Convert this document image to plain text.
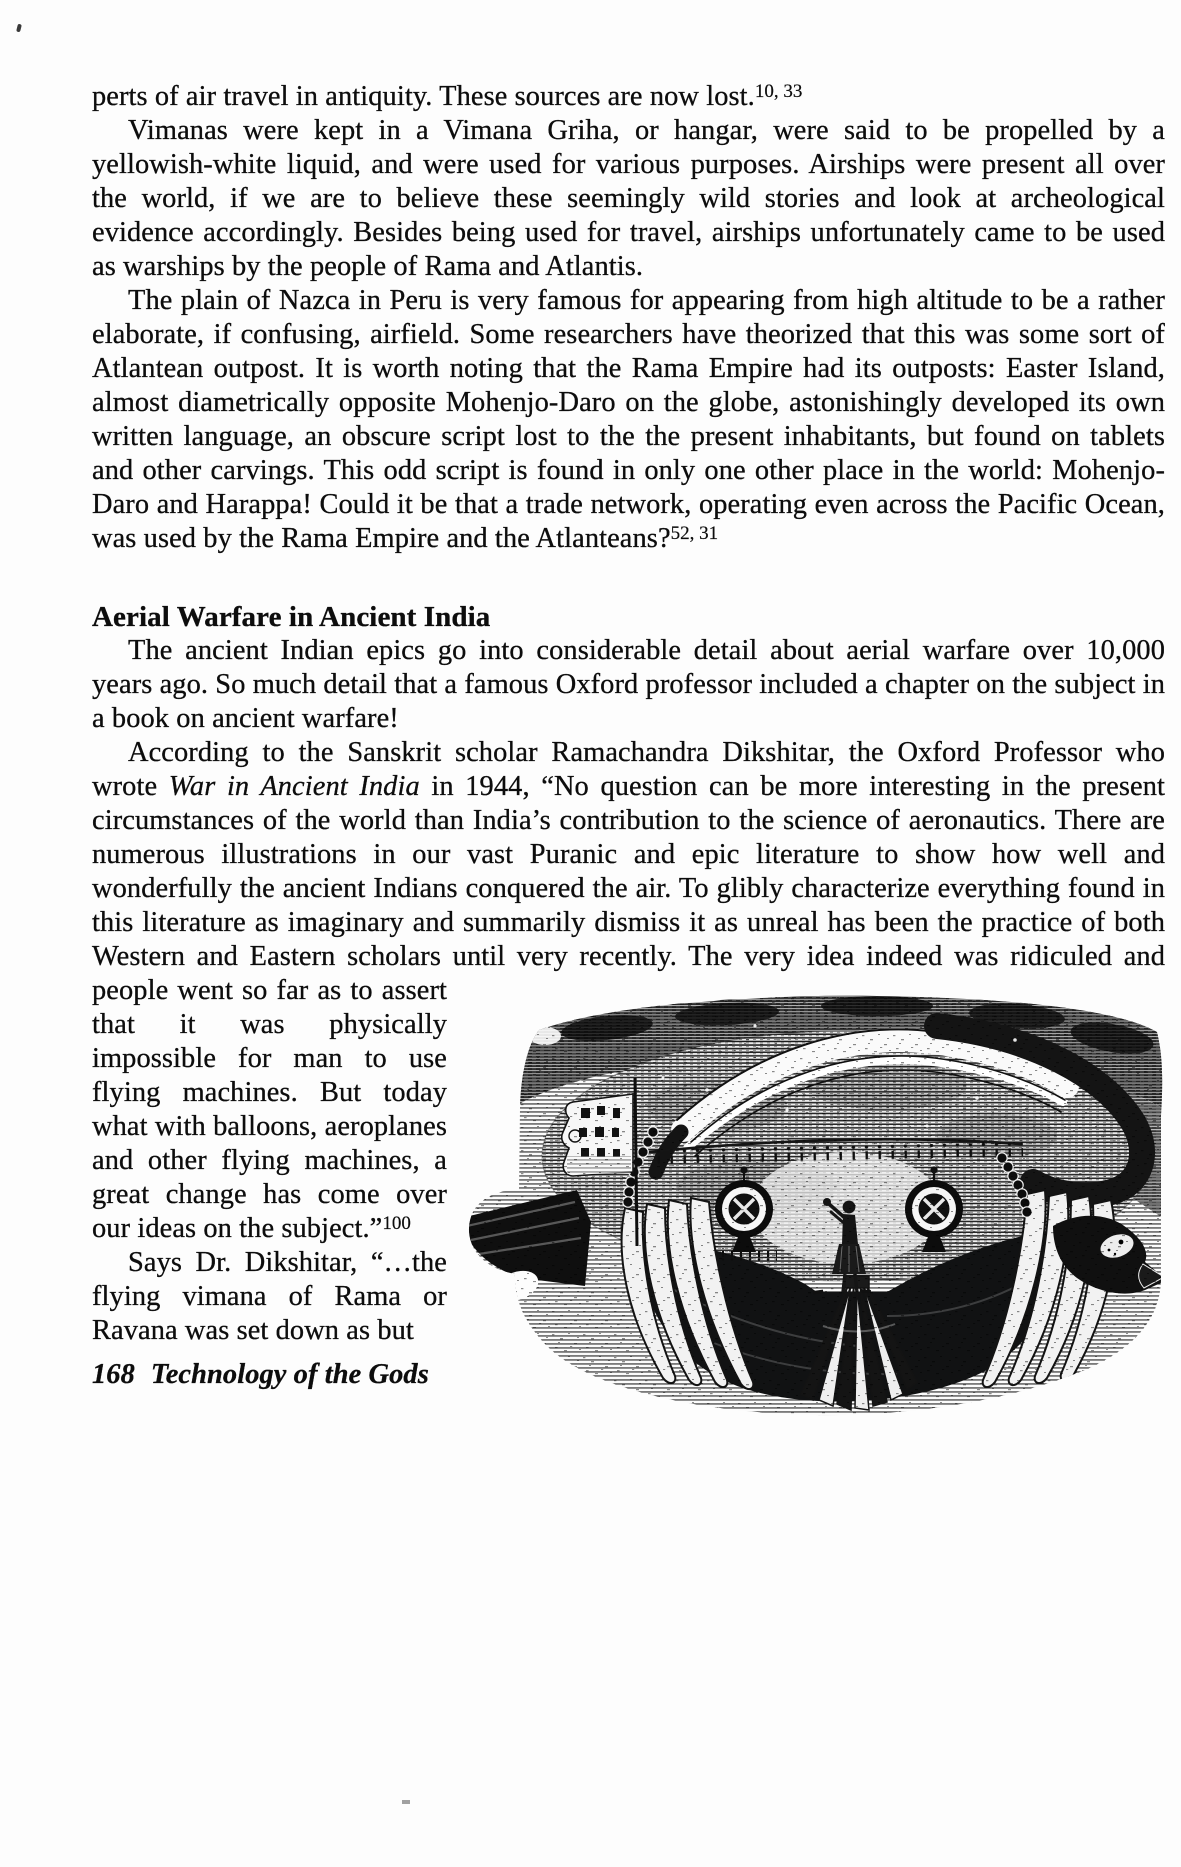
perts of air travel in antiquity. These sources are now lost.$^{10, 33}$

Vimanas were kept in a Vimana Griha, or hangar, were said to be propelled by a yellowish-white liquid, and were used for various purposes. Airships were present all over the world, if we are to believe these seemingly wild stories and look at archeological evidence accordingly. Besides being used for travel, airships unfortunately came to be used as warships by the people of Rama and Atlantis.

The plain of Nazca in Peru is very famous for appearing from high altitude to be a rather elaborate, if confusing, airfield. Some researchers have theorized that this was some sort of Atlantean outpost. It is worth noting that the Rama Empire had its outposts: Easter Island, almost diametrically opposite Mohenjo-Daro on the globe, astonishingly developed its own written language, an obscure script lost to the the present inhabitants, but found on tablets and other carvings. This odd script is found in only one other place in the world: Mohenjo-Daro and Harappa! Could it be that a trade network, operating even across the Pacific Ocean, was used by the Rama Empire and the Atlanteans?$^{52, 31}$

Aerial Warfare in Ancient India

The ancient Indian epics go into considerable detail about aerial warfare over 10,000 years ago. So much detail that a famous Oxford professor included a chapter on the subject in a book on ancient warfare!

According to the Sanskrit scholar Ramachandra Dikshitar, the Oxford Professor who wrote War in Ancient India in 1944, “No question can be more interesting in the present circumstances of the world than India’s contribution to the science of aeronautics. There are numerous illustrations in our vast Puranic and epic literature to show how well and wonderfully the ancient Indians conquered the air. To glibly characterize everything found in this literature as imaginary and summarily dismiss it as unreal has been the practice of both Western and Eastern scholars until
very recently. The very idea indeed was ridiculed and people went so far as to assert that it was physically impossible for man to use flying machines. But today what with balloons, aeroplanes and other flying machines, a great change has come over our ideas on the subject.”$^{100}$

Says Dr. Dikshitar, “…the flying vimana of Rama or Ravana was set down as but

168 Technology of the Gods
